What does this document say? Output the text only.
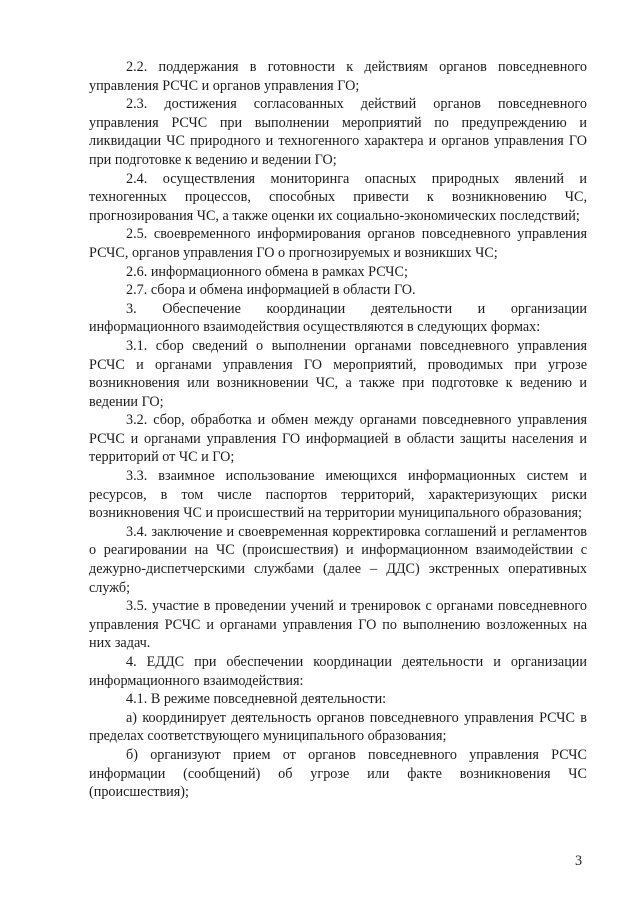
2.2. поддержания в готовности к действиям органов повседневного управления РСЧС и органов управления ГО;

2.3. достижения согласованных действий органов повседневного управления РСЧС при выполнении мероприятий по предупреждению и ликвидации ЧС природного и техногенного характера и органов управления ГО при подготовке к ведению и ведении ГО;

2.4. осуществления мониторинга опасных природных явлений и техногенных процессов, способных привести к возникновению ЧС, прогнозирования ЧС, а также оценки их социально-экономических последствий;

2.5. своевременного информирования органов повседневного управления РСЧС, органов управления ГО о прогнозируемых и возникших ЧС;

2.6. информационного обмена в рамках РСЧС;

2.7. сбора и обмена информацией в области ГО.

3. Обеспечение координации деятельности и организации информационного взаимодействия осуществляются в следующих формах:

3.1. сбор сведений о выполнении органами повседневного управления РСЧС и органами управления ГО мероприятий, проводимых при угрозе возникновения или возникновении ЧС, а также при подготовке к ведению и ведении ГО;

3.2. сбор, обработка и обмен между органами повседневного управления РСЧС и органами управления ГО информацией в области защиты населения и территорий от ЧС и ГО;

3.3. взаимное использование имеющихся информационных систем и ресурсов, в том числе паспортов территорий, характеризующих риски возникновения ЧС и происшествий на территории муниципального образования;

3.4. заключение и своевременная корректировка соглашений и регламентов о реагировании на ЧС (происшествия) и информационном взаимодействии с дежурно-диспетчерскими службами (далее – ДДС) экстренных оперативных служб;

3.5. участие в проведении учений и тренировок с органами повседневного управления РСЧС и органами управления ГО по выполнению возложенных на них задач.

4. ЕДДС при обеспечении координации деятельности и организации информационного взаимодействия:

4.1. В режиме повседневной деятельности:

а) координирует деятельность органов повседневного управления РСЧС в пределах соответствующего муниципального образования;

б) организуют прием от органов повседневного управления РСЧС информации (сообщений) об угрозе или факте возникновения ЧС (происшествия);

3
